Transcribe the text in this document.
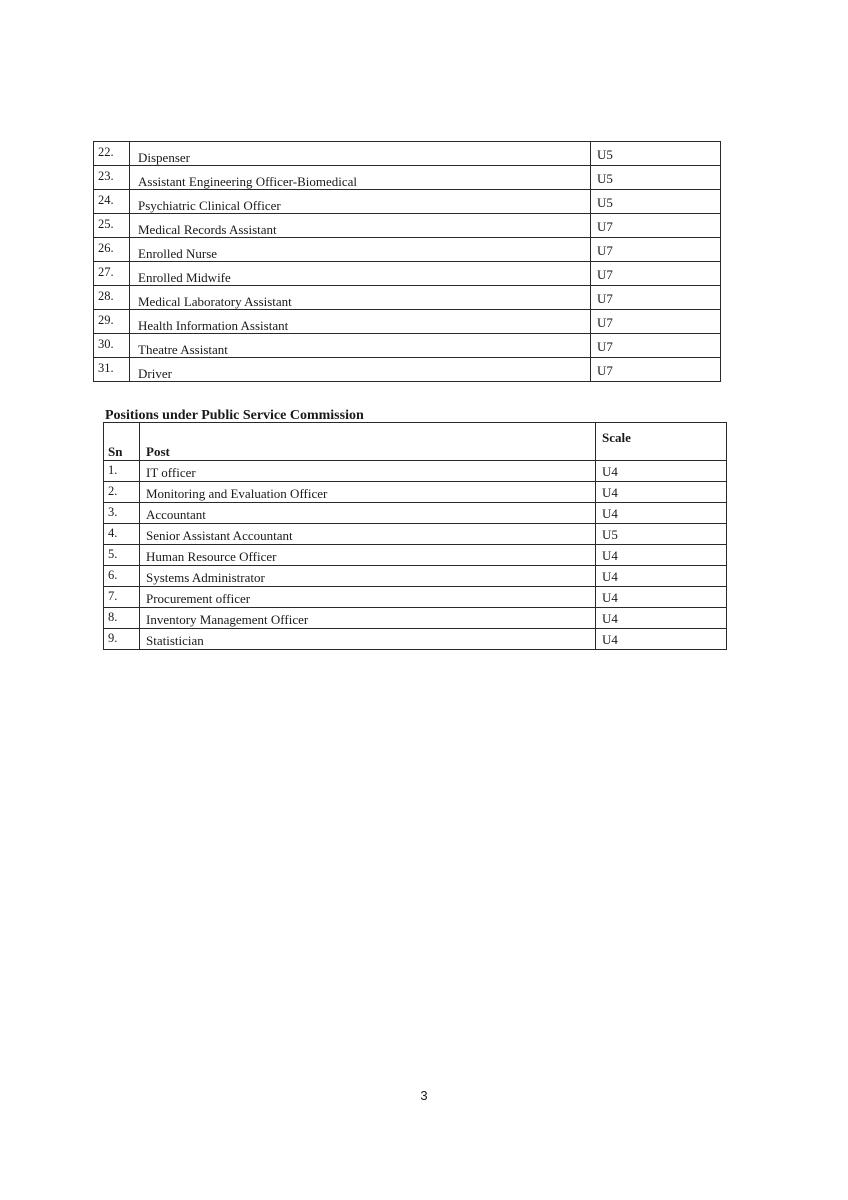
22.	Dispenser	U5
23.	Assistant Engineering Officer-Biomedical	U5
24.	Psychiatric Clinical Officer	U5
25.	Medical Records Assistant	U7
26.	Enrolled Nurse	U7
27.	Enrolled Midwife	U7
28.	Medical Laboratory Assistant	U7
29.	Health Information Assistant	U7
30.	Theatre Assistant	U7
31.	Driver	U7
Positions under Public Service Commission
Sn	Post	Scale
1.	IT officer	U4
2.	Monitoring and Evaluation Officer	U4
3.	Accountant	U4
4.	Senior Assistant Accountant	U5
5.	Human Resource Officer	U4
6.	Systems Administrator	U4
7.	Procurement officer	U4
8.	Inventory Management Officer	U4
9.	Statistician	U4
3
